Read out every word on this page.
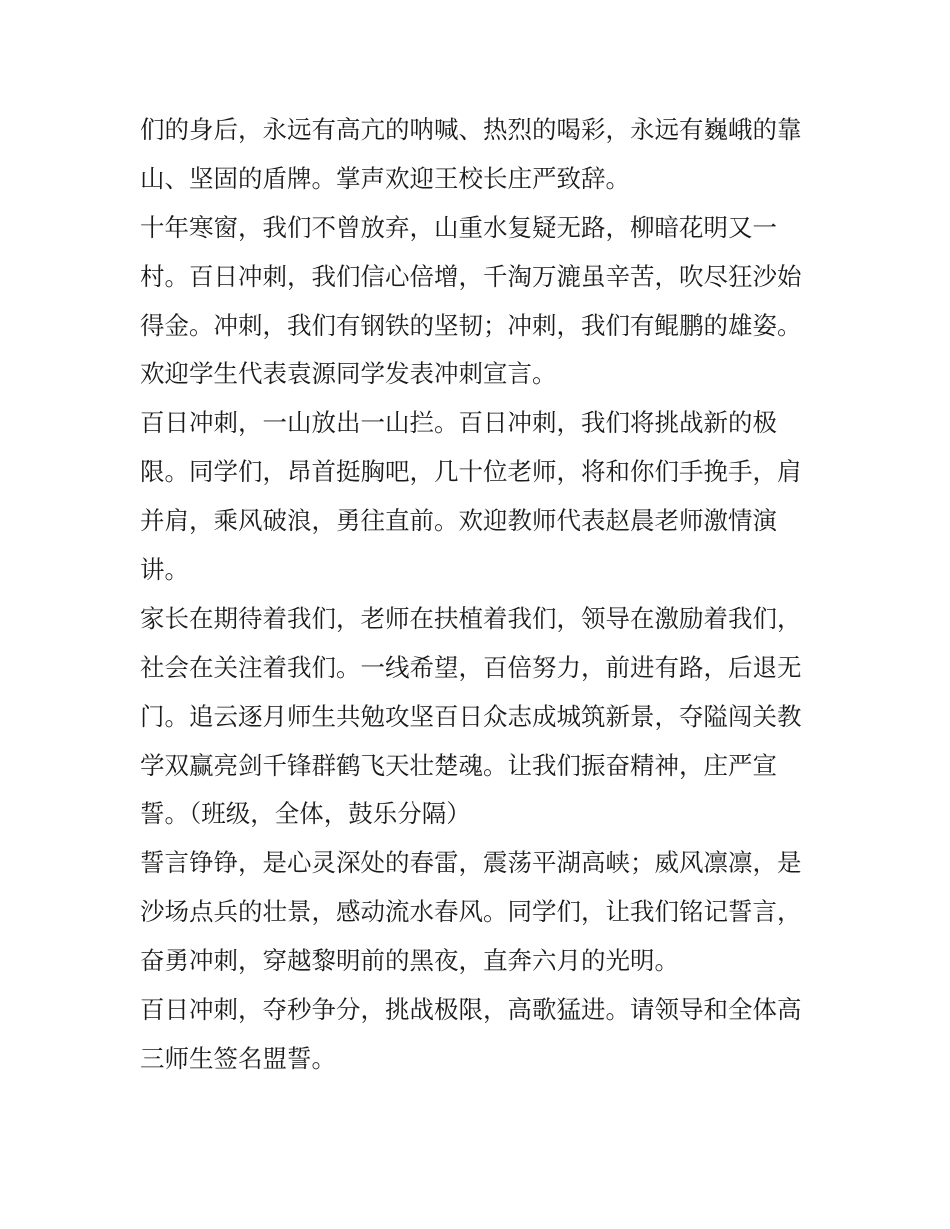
们的身后，永远有高亢的呐喊、热烈的喝彩，永远有巍峨的靠
山、坚固的盾牌。掌声欢迎王校长庄严致辞。
十年寒窗，我们不曾放弃，山重水复疑无路，柳暗花明又一
村。百日冲刺，我们信心倍增，千淘万漉虽辛苦，吹尽狂沙始
得金。冲刺，我们有钢铁的坚韧；冲刺，我们有鲲鹏的雄姿。
欢迎学生代表袁源同学发表冲刺宣言。
百日冲刺，一山放出一山拦。百日冲刺，我们将挑战新的极
限。同学们，昂首挺胸吧，几十位老师，将和你们手挽手，肩
并肩，乘风破浪，勇往直前。欢迎教师代表赵晨老师激情演
讲。
家长在期待着我们，老师在扶植着我们，领导在激励着我们，
社会在关注着我们。一线希望，百倍努力，前进有路，后退无
门。追云逐月师生共勉攻坚百日众志成城筑新景，夺隘闯关教
学双赢亮剑千锋群鹤飞天壮楚魂。让我们振奋精神，庄严宣
誓。（班级，全体，鼓乐分隔）
誓言铮铮，是心灵深处的春雷，震荡平湖高峡；威风凛凛，是
沙场点兵的壮景，感动流水春风。同学们，让我们铭记誓言，
奋勇冲刺，穿越黎明前的黑夜，直奔六月的光明。
百日冲刺，夺秒争分，挑战极限，高歌猛进。请领导和全体高
三师生签名盟誓。
